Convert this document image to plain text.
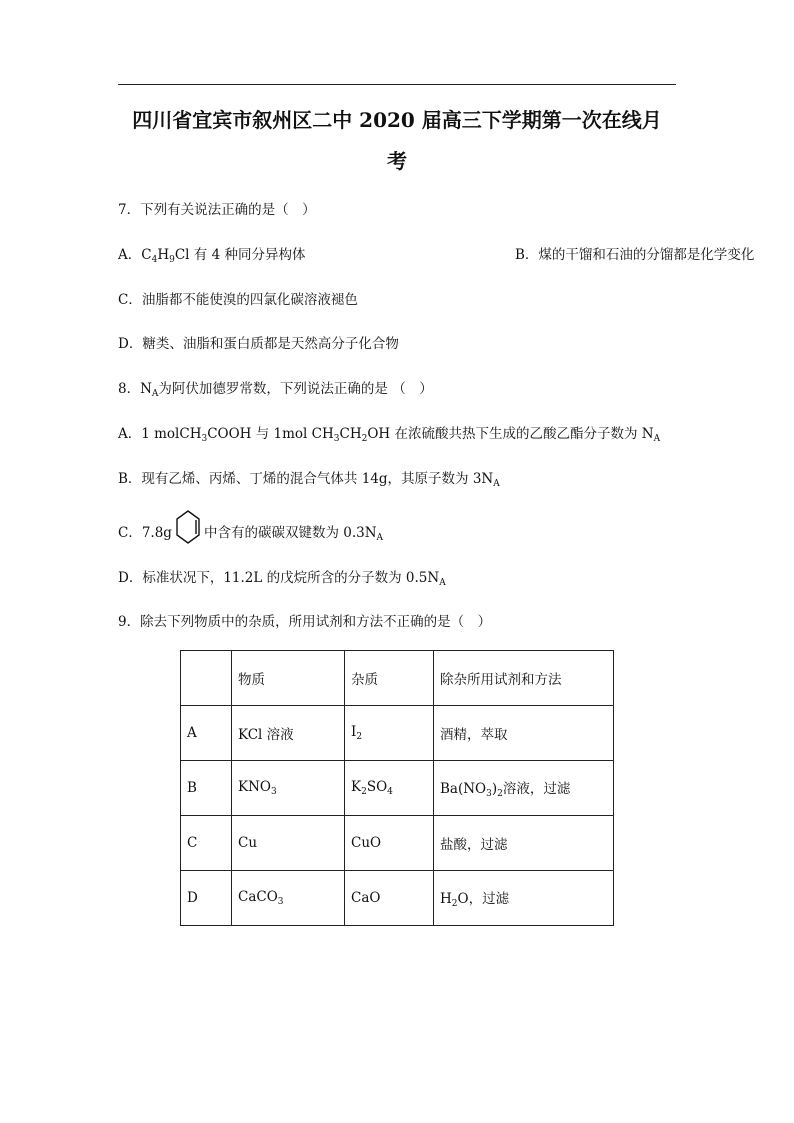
四川省宜宾市叙州区二中 2020 届高三下学期第一次在线月
考
7．下列有关说法正确的是（　）
A．$C_4H_9Cl$ 有 4 种同分异构体	B．煤的干馏和石油的分馏都是化学变化
C．油脂都不能使溴的四氯化碳溶液褪色
D．糖类、油脂和蛋白质都是天然高分子化合物
8．$N_A$为阿伏加德罗常数，下列说法正确的是 （　）
A．1 molCH$_3$COOH 与 1mol $CH_3CH_2OH$ 在浓硫酸共热下生成的乙酸乙酯分子数为 $N_A$
B．现有乙烯、丙烯、丁烯的混合气体共 14g，其原子数为 $3N_A$
C．7.8g 中含有的碳碳双键数为 $0.3N_A$
D．标准状况下，11.2L 的戊烷所含的分子数为 $0.5N_A$
9．除去下列物质中的杂质，所用试剂和方法不正确的是（　）
	物质	杂质	除杂所用试剂和方法
A	KCl 溶液	$I_2$	酒精，萃取
B	$KNO_3$	$K_2SO_4$	$Ba(NO_3)_2$溶液，过滤
C	Cu	CuO	盐酸，过滤
D	CaCO$_3$	CaO	$H_2O$，过滤
